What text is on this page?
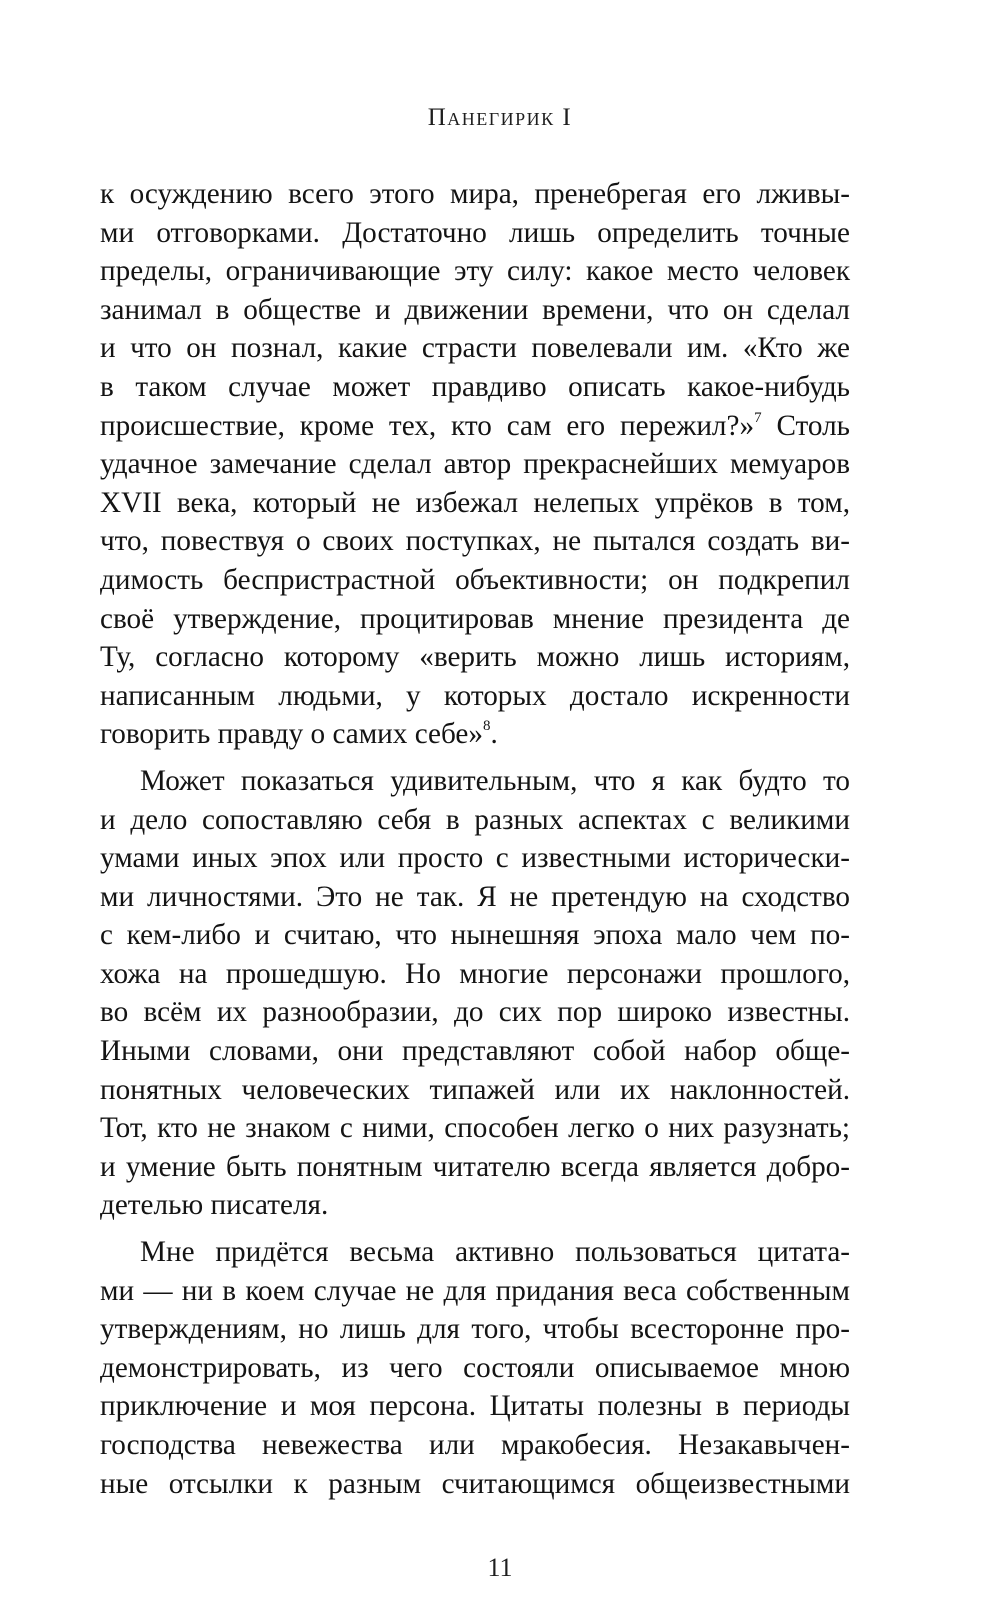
Панегирик I
к осуждению всего этого мира, пренебрегая его лживы-
ми отговорками. Достаточно лишь определить точные
пределы, ограничивающие эту силу: какое место человек
занимал в обществе и движении времени, что он сделал
и что он познал, какие страсти повелевали им. «Кто же
в таком случае может правдиво описать какое-нибудь
происшествие, кроме тех, кто сам его пережил?»$^7$ Столь
удачное замечание сделал автор прекраснейших мемуаров
XVII века, который не избежал нелепых упрёков в том,
что, повествуя о своих поступках, не пытался создать ви-
димость беспристрастной объективности; он подкрепил
своё утверждение, процитировав мнение президента де
Ту, согласно которому «верить можно лишь историям,
написанным людьми, у которых достало искренности
говорить правду о самих себе»$^8$.
Может показаться удивительным, что я как будто то
и дело сопоставляю себя в разных аспектах с великими
умами иных эпох или просто с известными исторически-
ми личностями. Это не так. Я не претендую на сходство
с кем-либо и считаю, что нынешняя эпоха мало чем по-
хожа на прошедшую. Но многие персонажи прошлого,
во всём их разнообразии, до сих пор широко известны.
Иными словами, они представляют собой набор обще-
понятных человеческих типажей или их наклонностей.
Тот, кто не знаком с ними, способен легко о них разузнать;
и умение быть понятным читателю всегда является добро-
детелью писателя.
Мне придётся весьма активно пользоваться цитата-
ми — ни в коем случае не для придания веса собственным
утверждениям, но лишь для того, чтобы всесторонне про-
демонстрировать, из чего состояли описываемое мною
приключение и моя персона. Цитаты полезны в периоды
господства невежества или мракобесия. Незакавычен-
ные отсылки к разным считающимся общеизвестными
11
